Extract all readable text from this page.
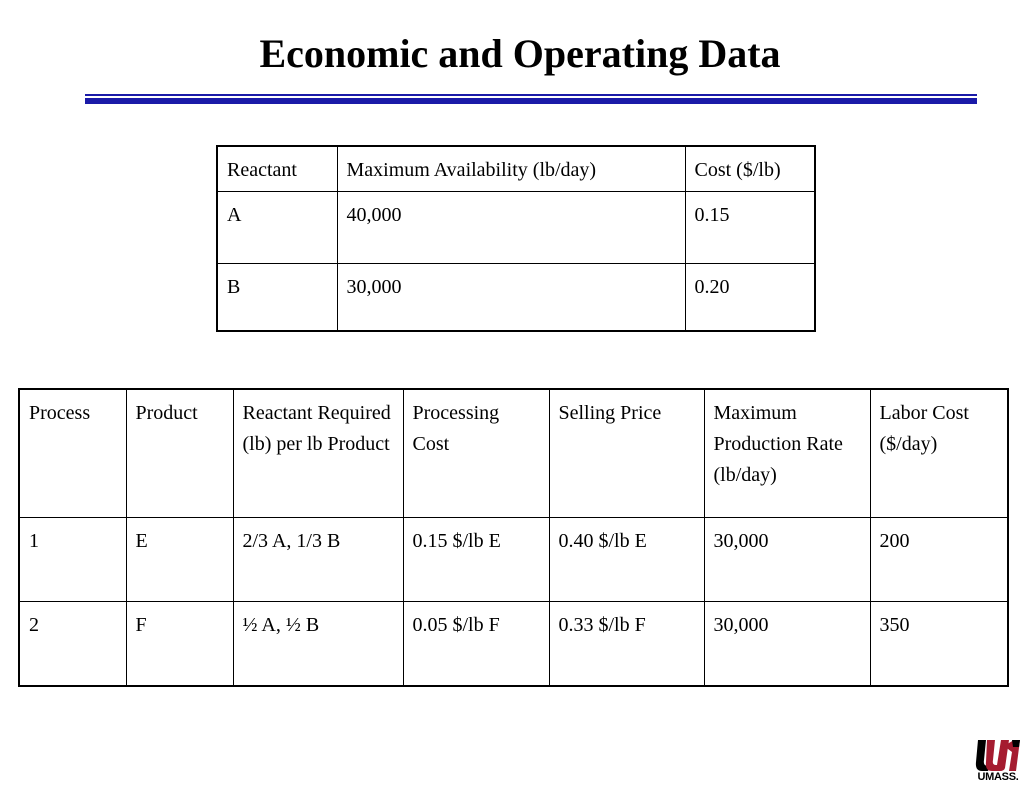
Economic and Operating Data
Reactant	Maximum Availability (lb/day)	Cost ($/lb)
A	40,000	0.15
B	30,000	0.20
Process	Product	Reactant Required (lb) per lb Product	Processing Cost	Selling Price	Maximum Production Rate (lb/day)	Labor Cost ($/day)
1	E	2/3 A, 1/3 B	0.15 $/lb E	0.40 $/lb E	30,000	200
2	F	½ A, ½ B	0.05 $/lb F	0.33 $/lb F	30,000	350
UMASS.
